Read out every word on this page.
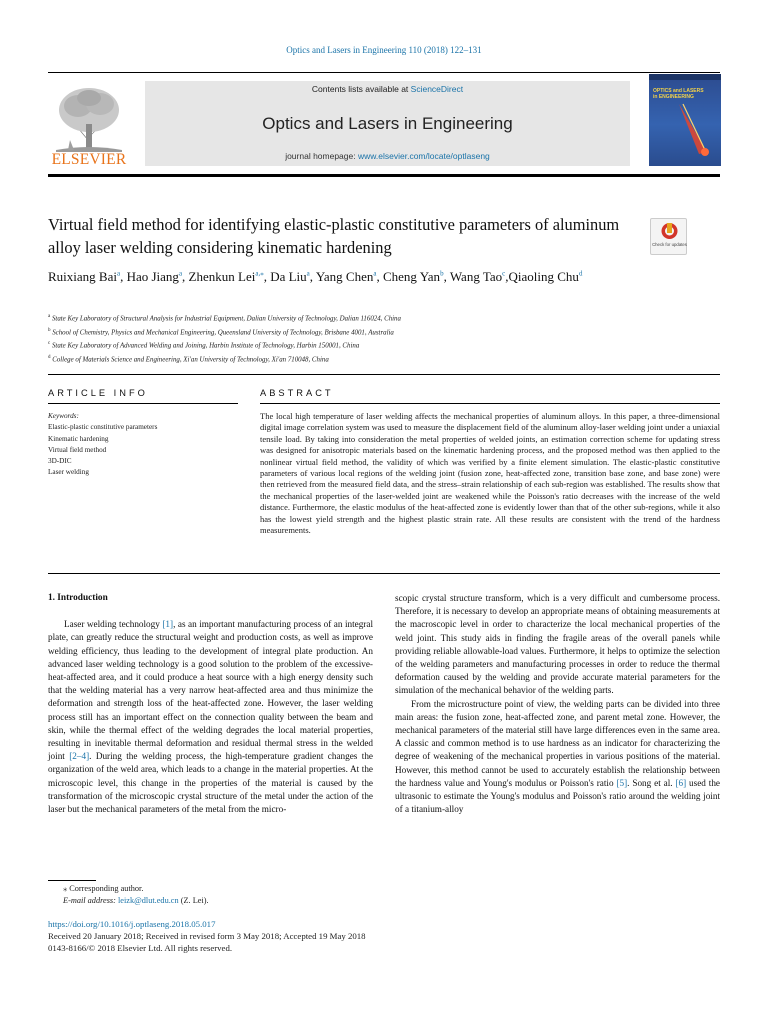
Optics and Lasers in Engineering 110 (2018) 122–131
ELSEVIER
Contents lists available at ScienceDirect
Optics and Lasers in Engineering
journal homepage: www.elsevier.com/locate/optlaseng
OPTICS and LASERS
in ENGINEERING
Virtual field method for identifying elastic-plastic constitutive parameters of aluminum alloy laser welding considering kinematic hardening	Check for updates
Ruixiang Bai$^a$, Hao Jiang$^a$, Zhenkun Lei$^{a,⁎}$, Da Liu$^a$, Yang Chen$^a$, Cheng Yan$^b$, Wang Tao$^c$,Qiaoling Chu$^d$
$^a$ State Key Laboratory of Structural Analysis for Industrial Equipment, Dalian University of Technology, Dalian 116024, China
$^b$ School of Chemistry, Physics and Mechanical Engineering, Queensland University of Technology, Brisbane 4001, Australia
$^c$ State Key Laboratory of Advanced Welding and Joining, Harbin Institute of Technology, Harbin 150001, China
$^d$ College of Materials Science and Engineering, Xi'an University of Technology, Xi'an 710048, China
ARTICLE INFO
Keywords:
Elastic-plastic constitutive parameters
Kinematic hardening
Virtual field method
3D-DIC
Laser welding
ABSTRACT
The local high temperature of laser welding affects the mechanical properties of aluminum alloys. In this paper, a three-dimensional digital image correlation system was used to measure the displacement field of the aluminum alloy-laser welding joint under a uniaxial tensile load. By taking into consideration the metal properties of welded joints, an estimation correction scheme for updating stress was designed for anisotropic materials based on the kinematic hardening process, and the proposed method was then applied to the nonlinear virtual field method, the validity of which was verified by a finite element simulation. The elastic-plastic constitutive parameters of various local regions of the welding joint (fusion zone, heat-affected zone, transition base zone, and base zone) were then retrieved from the measured field data, and the stress–strain relationship of each sub-region was established. The results show that the mechanical properties of the laser-welded joint are weakened while the Poisson's ratio decreases with the increase of the weld distance. Furthermore, the elastic modulus of the heat-affected zone is evidently lower than that of the other sub-regions, while it also has the lowest yield strength and the highest plastic strain rate. All these results are consistent with the trend of the hardness measurements.

1. Introduction

Laser welding technology [1], as an important manufacturing process of an integral plate, can greatly reduce the structural weight and production costs, as well as improve welding efficiency, thus leading to the development of integral plate production. An advanced laser welding technology is a good solution to the problem of the excessive-heat-affected area, and it could produce a heat source with a high energy density such that the welding material has a very narrow heat-affected area and thus minimize the deformation and strength loss of the heat-affected zone. However, the laser welding process still has an important effect on the connection quality between the beam and skin, while the thermal effect of the welding degrades the local material properties, resulting in inevitable thermal deformation and residual thermal stress in the welded joint [2–4]. During the welding process, the high-temperature gradient changes the organization of the weld area, which leads to a change in the material properties. At the microscopic level, this change in the properties of the material is caused by the transformation of the microscopic crystal structure of the metal under the action of the laser but the mechanical parameters of the metal from the micro-

scopic crystal structure transform, which is a very difficult and cumbersome process. Therefore, it is necessary to develop an appropriate means of obtaining measurements at the macroscopic level in order to characterize the local mechanical properties of the weld joint. This study aids in finding the fragile areas of the overall panels while providing reliable allowable-load values. Furthermore, it helps to optimize the selection of the welding parameters and manufacturing processes in order to reduce the thermal deformation caused by the welding and provide accurate material parameters for the simulation of the mechanical behavior of the welding parts.

From the microstructure point of view, the welding parts can be divided into three main areas: the fusion zone, heat-affected zone, and parent metal zone. However, the mechanical parameters of the material still have large differences even in the same area. A classic and common method is to use hardness as an indicator for characterizing the degree of weakening of the mechanical properties in various positions of the material. However, this method cannot be used to accurately establish the relationship between the hardness value and Young's modulus or Poisson's ratio [5]. Song et al. [6] used the ultrasonic to estimate the Young's modulus and Poisson's ratio around the welding joint of a titanium-alloy

⁎ Corresponding author.
E-mail address: leizk@dlut.edu.cn (Z. Lei).
https://doi.org/10.1016/j.optlaseng.2018.05.017
Received 20 January 2018; Received in revised form 3 May 2018; Accepted 19 May 2018
0143-8166/© 2018 Elsevier Ltd. All rights reserved.
